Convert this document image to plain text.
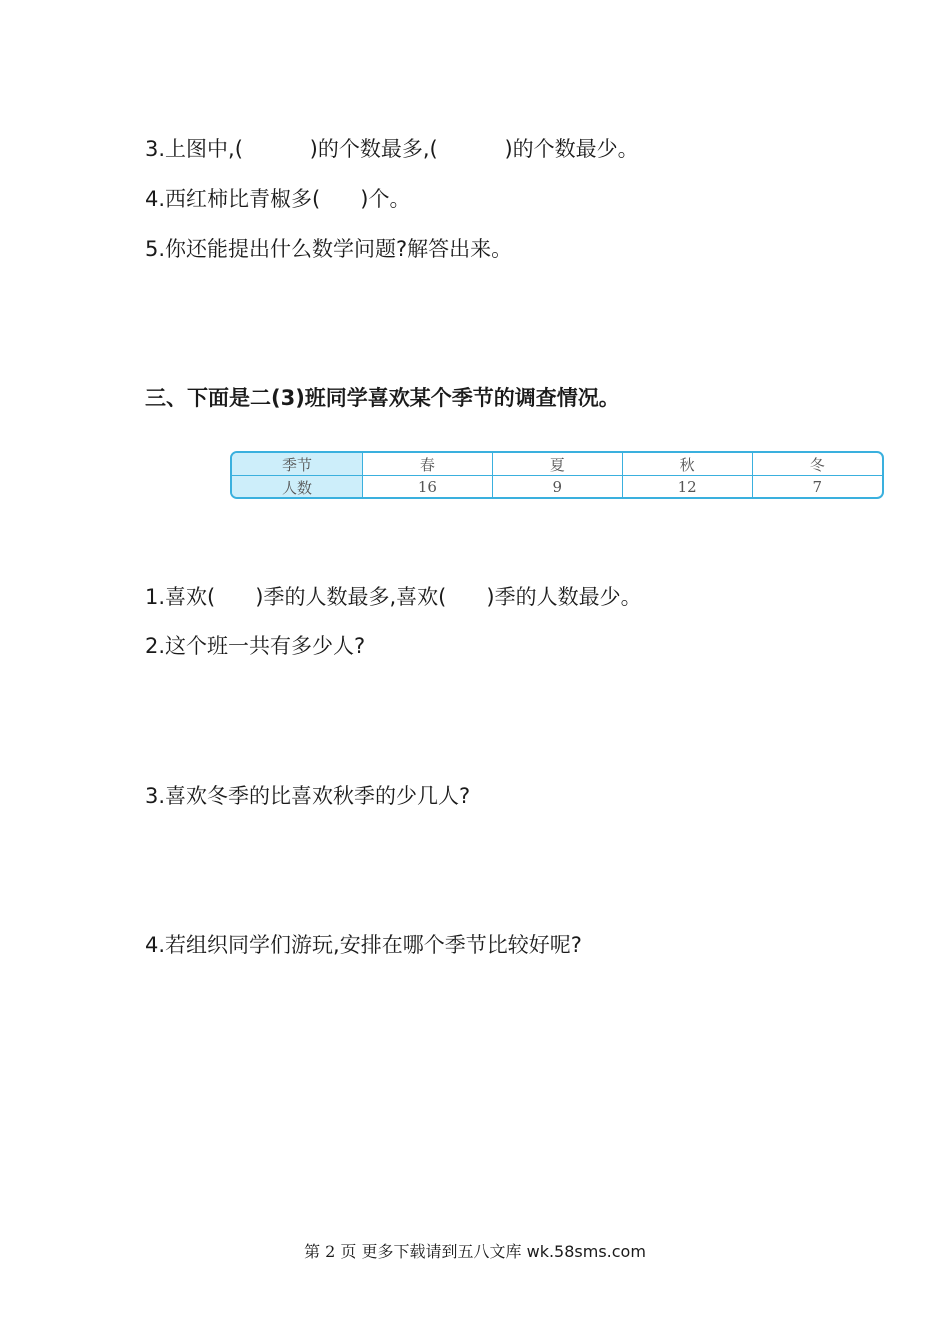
3.上图中,(          )的个数最多,(          )的个数最少。
4.西红柿比青椒多(      )个。
5.你还能提出什么数学问题?解答出来。
三、下面是二(3)班同学喜欢某个季节的调查情况。
季节	春	夏	秋	冬
人数	16	9	12	7
1.喜欢(      )季的人数最多,喜欢(      )季的人数最少。
2.这个班一共有多少人?
3.喜欢冬季的比喜欢秋季的少几人?
4.若组织同学们游玩,安排在哪个季节比较好呢?
第 2 页 更多下载请到五八文库 wk.58sms.com
